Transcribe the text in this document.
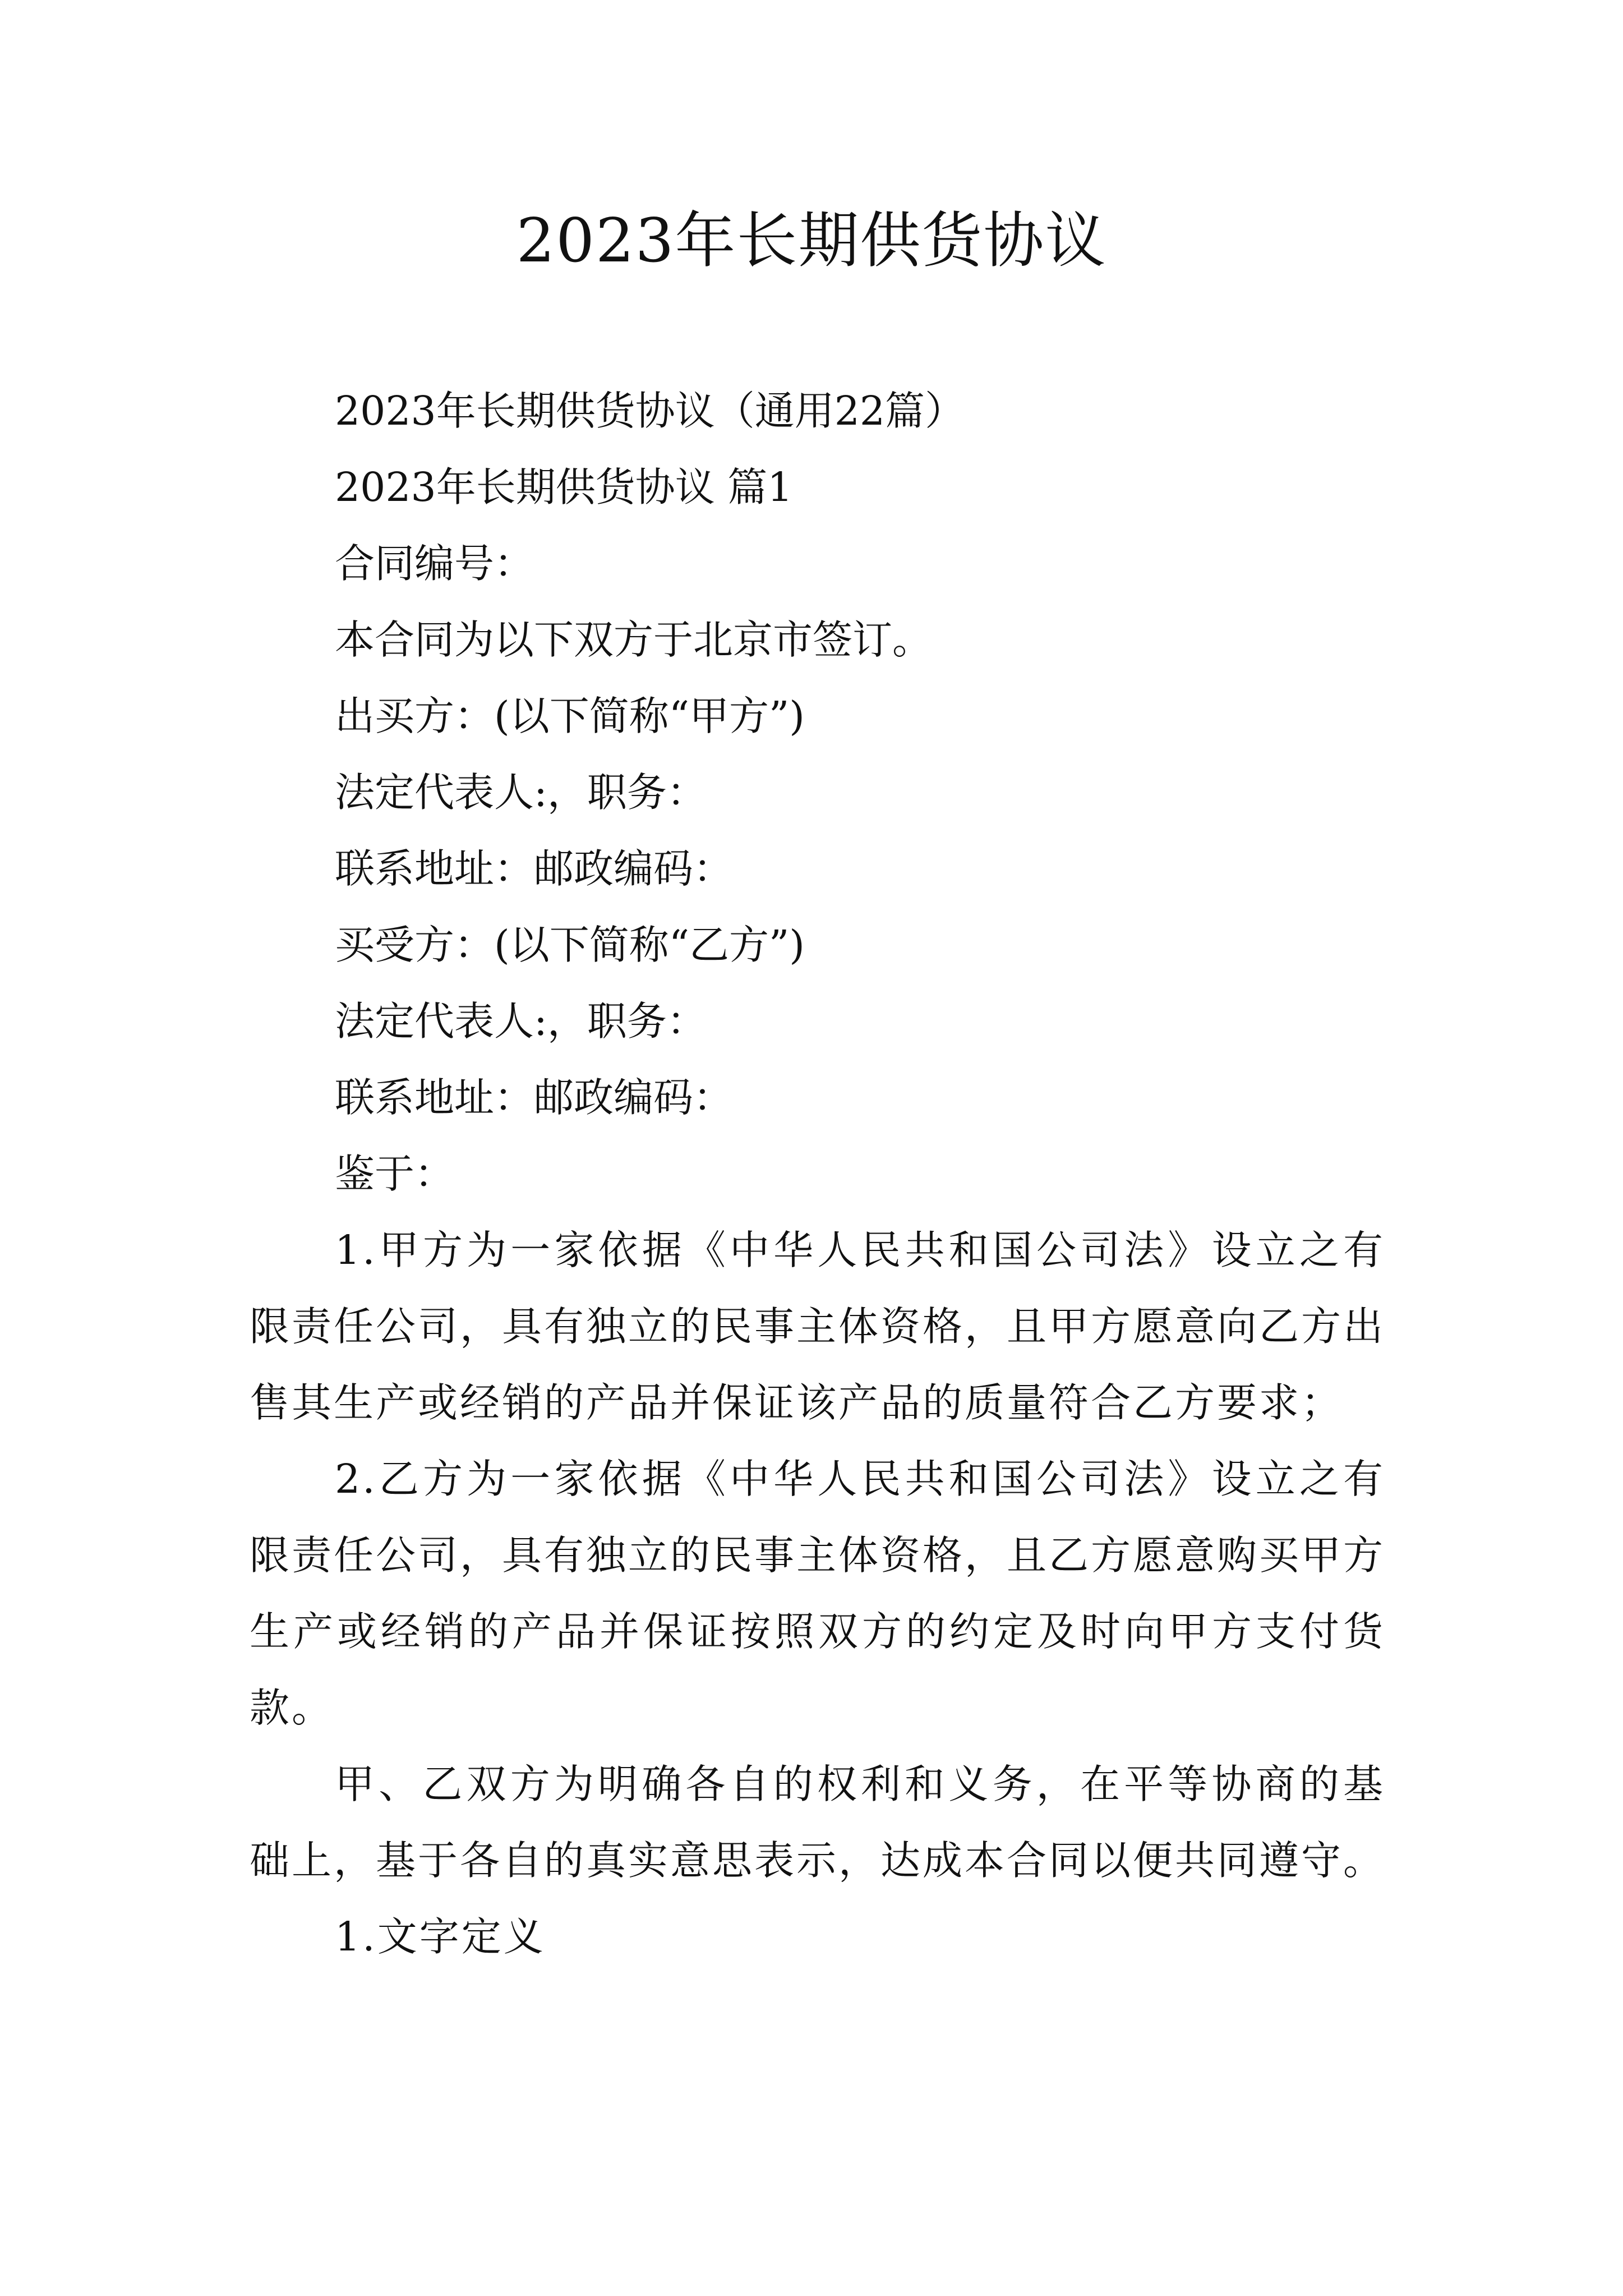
2023年长期供货协议

2023年长期供货协议（通用22篇）

2023年长期供货协议 篇1

合同编号：

本合同为以下双方于北京市签订。

出买方：(以下简称“甲方”)

法定代表人:，职务：

联系地址：邮政编码：

买受方：(以下简称“乙方”)

法定代表人:，职务：

联系地址：邮政编码：

鉴于：

1.甲方为一家依据《中华人民共和国公司法》设立之有限责任公司，具有独立的民事主体资格，且甲方愿意向乙方出售其生产或经销的产品并保证该产品的质量符合乙方要求；

2.乙方为一家依据《中华人民共和国公司法》设立之有限责任公司，具有独立的民事主体资格，且乙方愿意购买甲方生产或经销的产品并保证按照双方的约定及时向甲方支付货款。

甲、乙双方为明确各自的权利和义务，在平等协商的基础上，基于各自的真实意思表示，达成本合同以便共同遵守。

1.文字定义
